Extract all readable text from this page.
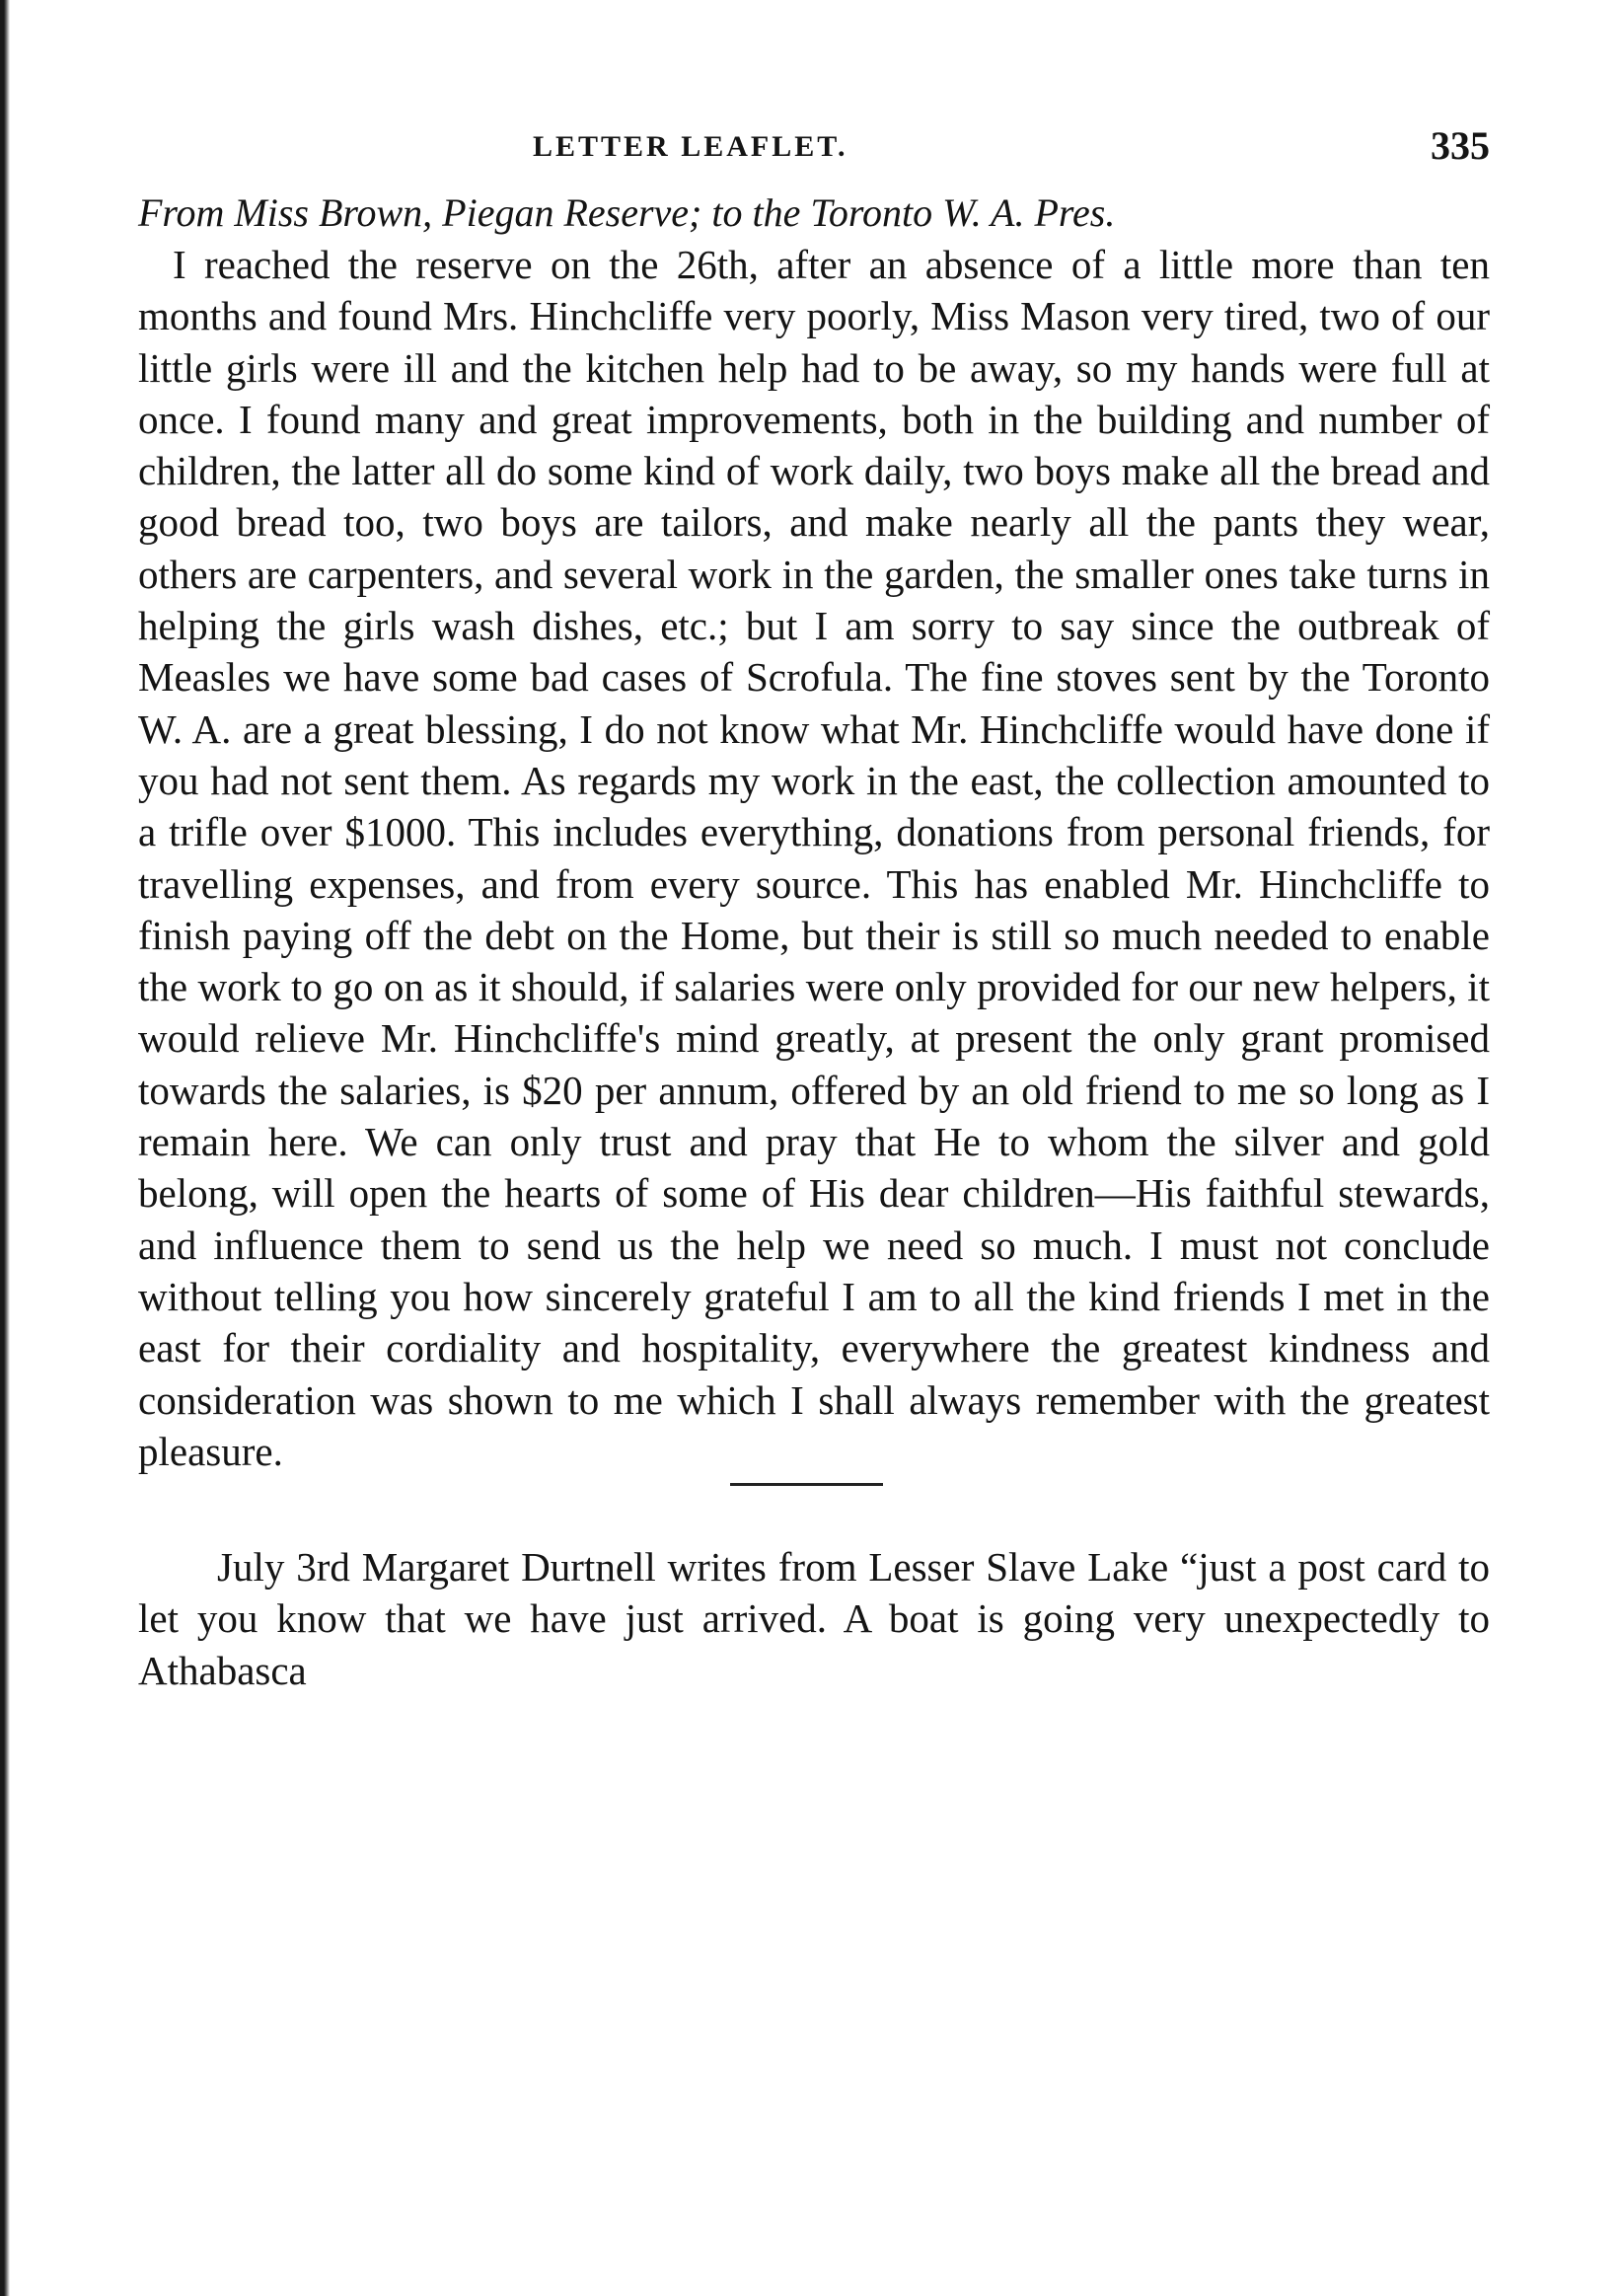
LETTER LEAFLET.	335

From Miss Brown, Piegan Reserve; to the Toronto W. A. Pres.

I reached the reserve on the 26th, after an absence of a little more than ten months and found Mrs. Hinchcliffe very poorly, Miss Mason very tired, two of our little girls were ill and the kitchen help had to be away, so my hands were full at once. I found many and great improvements, both in the building and number of children, the latter all do some kind of work daily, two boys make all the bread and good bread too, two boys are tailors, and make nearly all the pants they wear, others are carpenters, and several work in the garden, the smaller ones take turns in helping the girls wash dishes, etc.; but I am sorry to say since the outbreak of Measles we have some bad cases of Scrofula. The fine stoves sent by the Toronto W. A. are a great blessing, I do not know what Mr. Hinchcliffe would have done if you had not sent them. As regards my work in the east, the collection amounted to a trifle over $1000. This includes everything, donations from personal friends, for travelling expenses, and from every source. This has enabled Mr. Hinchcliffe to finish paying off the debt on the Home, but their is still so much needed to enable the work to go on as it should, if salaries were only provided for our new helpers, it would relieve Mr. Hinchcliffe's mind greatly, at present the only grant promised towards the salaries, is $20 per annum, offered by an old friend to me so long as I remain here. We can only trust and pray that He to whom the silver and gold belong, will open the hearts of some of His dear children—His faithful stewards, and influence them to send us the help we need so much. I must not conclude without telling you how sincerely grateful I am to all the kind friends I met in the east for their cordiality and hospitality, everywhere the greatest kindness and consideration was shown to me which I shall always remember with the greatest pleasure.

July 3rd Margaret Durtnell writes from Lesser Slave Lake “just a post card to let you know that we have just arrived. A boat is going very unexpectedly to Athabasca
